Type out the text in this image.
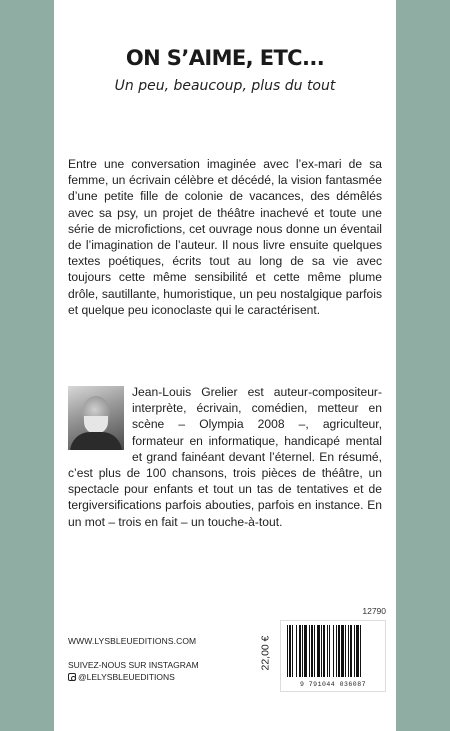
ON S’AIME, ETC...
Un peu, beaucoup, plus du tout

Entre une conversation imaginée avec l’ex-mari de sa femme, un écrivain célèbre et décédé, la vision fantasmée d’une petite fille de colonie de vacances, des démêlés avec sa psy, un projet de théâtre inachevé et toute une série de microfictions, cet ouvrage nous donne un éventail de l’imagination de l’auteur. Il nous livre ensuite quelques textes poétiques, écrits tout au long de sa vie avec toujours cette même sensibilité et cette même plume drôle, sautillante, humoristique, un peu nostalgique parfois et quelque peu iconoclaste qui le caractérisent.

Jean-Louis Grelier est auteur-compositeur-interprète, écrivain, comédien, metteur en scène – Olympia 2008 –, agriculteur, formateur en informatique, handicapé mental et grand fainéant devant l’éternel. En résumé, c’est plus de 100 chansons, trois pièces de théâtre, un spectacle pour enfants et tout un tas de tentatives et de tergiversifications parfois abouties, parfois en instance. En un mot – trois en fait – un touche-à-tout.
12790
WWW.LYSBLEUEDITIONS.COM
SUIVEZ-NOUS SUR INSTAGRAM
@LELYSBLEUEDITIONS
22,00 €
9 791044 036087
